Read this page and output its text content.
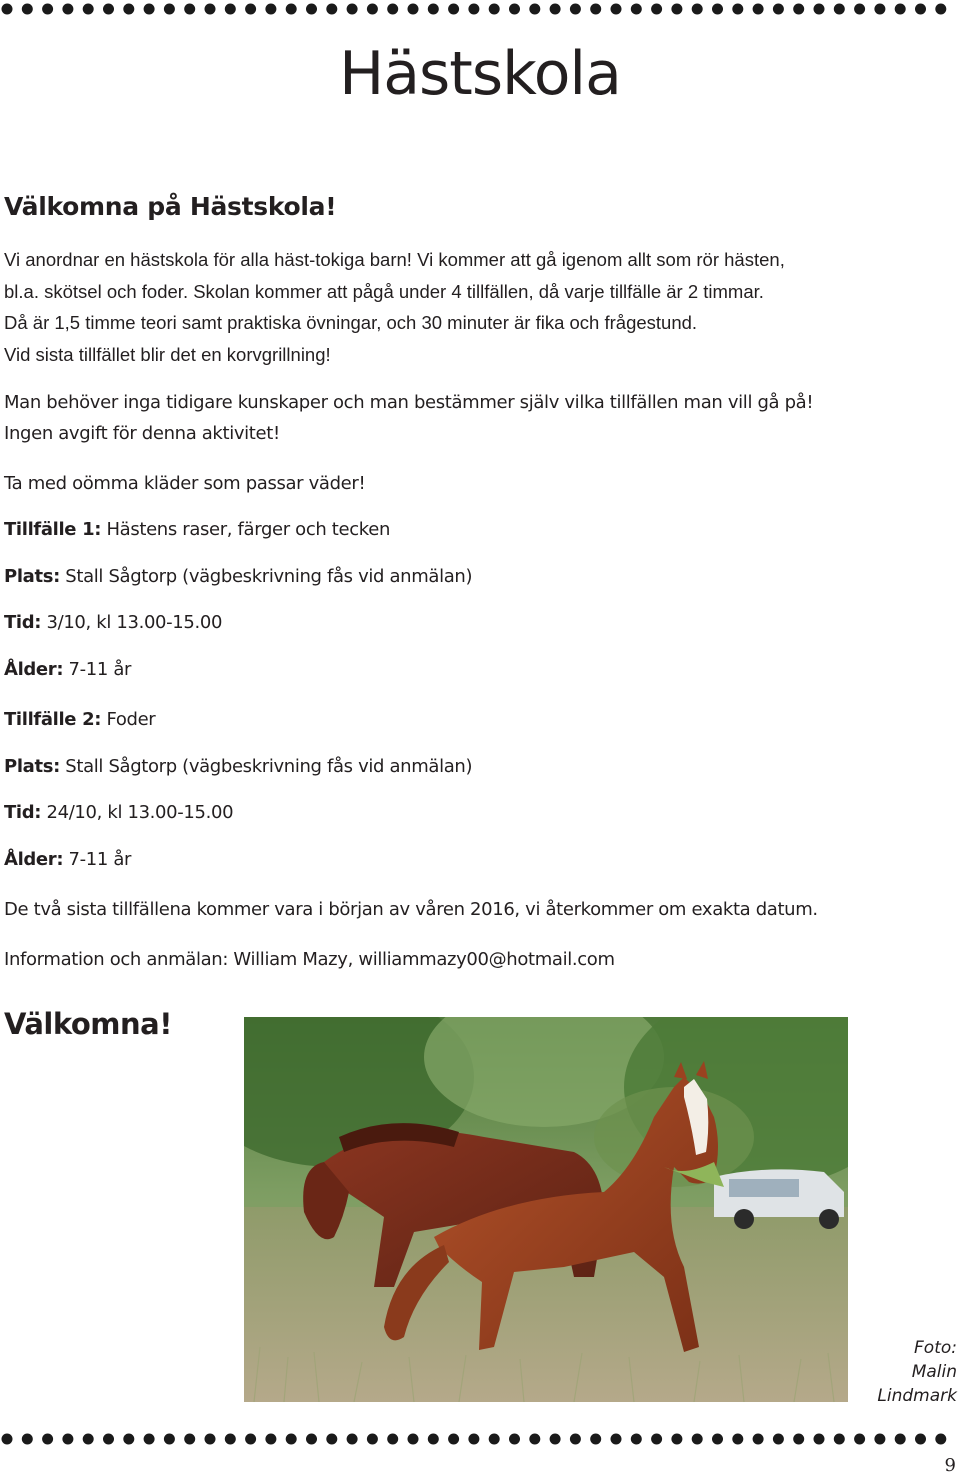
Hästskola
Välkomna på Hästskola!
Vi anordnar en hästskola för alla häst-tokiga barn! Vi kommer att gå igenom allt som rör hästen,
bl.a. skötsel och foder. Skolan kommer att pågå under 4 tillfällen, då varje tillfälle är 2 timmar.
Då är 1,5 timme teori samt praktiska övningar, och 30 minuter är fika och frågestund.
Vid sista tillfället blir det en korvgrillning!

Man behöver inga tidigare kunskaper och man bestämmer själv vilka tillfällen man vill gå på!

Ingen avgift för denna aktivitet!

Ta med oömma kläder som passar väder!

Tillfälle 1: Hästens raser, färger och tecken

Plats: Stall Sågtorp (vägbeskrivning fås vid anmälan)

Tid: 3/10, kl 13.00-15.00

Ålder: 7-11 år

Tillfälle 2: Foder

Plats: Stall Sågtorp (vägbeskrivning fås vid anmälan)

Tid: 24/10, kl 13.00-15.00

Ålder: 7-11 år

De två sista tillfällena kommer vara i början av våren 2016, vi återkommer om exakta datum.

Information och anmälan: William Mazy, williammazy00@hotmail.com

Välkomna!

Foto:
Malin
Lindmark
9
